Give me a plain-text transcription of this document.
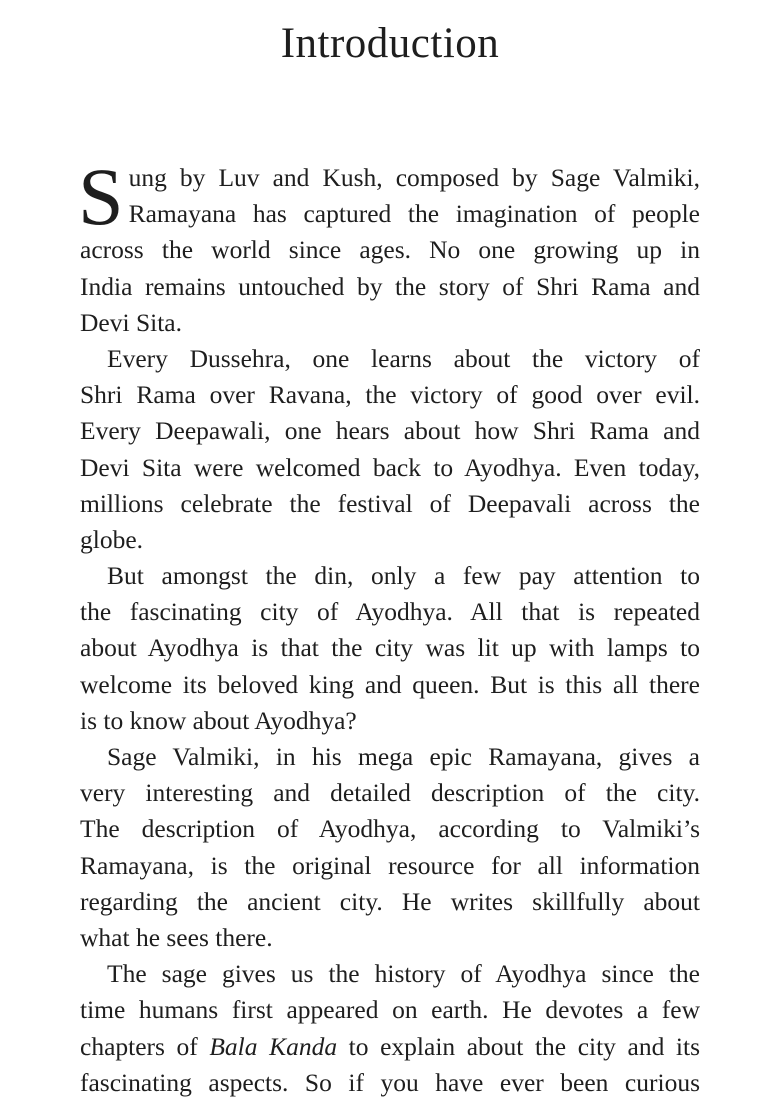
Introduction
S ung by Luv and Kush, composed by Sage Valmiki,
Ramayana has captured the imagination of people
across the world since ages. No one growing up in
India remains untouched by the story of Shri Rama and
Devi Sita.
Every Dussehra, one learns about the victory of
Shri Rama over Ravana, the victory of good over evil.
Every Deepawali, one hears about how Shri Rama and
Devi Sita were welcomed back to Ayodhya. Even today,
millions celebrate the festival of Deepavali across the
globe.
But amongst the din, only a few pay attention to
the fascinating city of Ayodhya. All that is repeated
about Ayodhya is that the city was lit up with lamps to
welcome its beloved king and queen. But is this all there
is to know about Ayodhya?
Sage Valmiki, in his mega epic Ramayana, gives a
very interesting and detailed description of the city.
The description of Ayodhya, according to Valmiki’s
Ramayana, is the original resource for all information
regarding the ancient city. He writes skillfully about
what he sees there.
The sage gives us the history of Ayodhya since the
time humans first appeared on earth. He devotes a few
chapters of Bala Kanda to explain about the city and its
fascinating aspects. So if you have ever been curious
